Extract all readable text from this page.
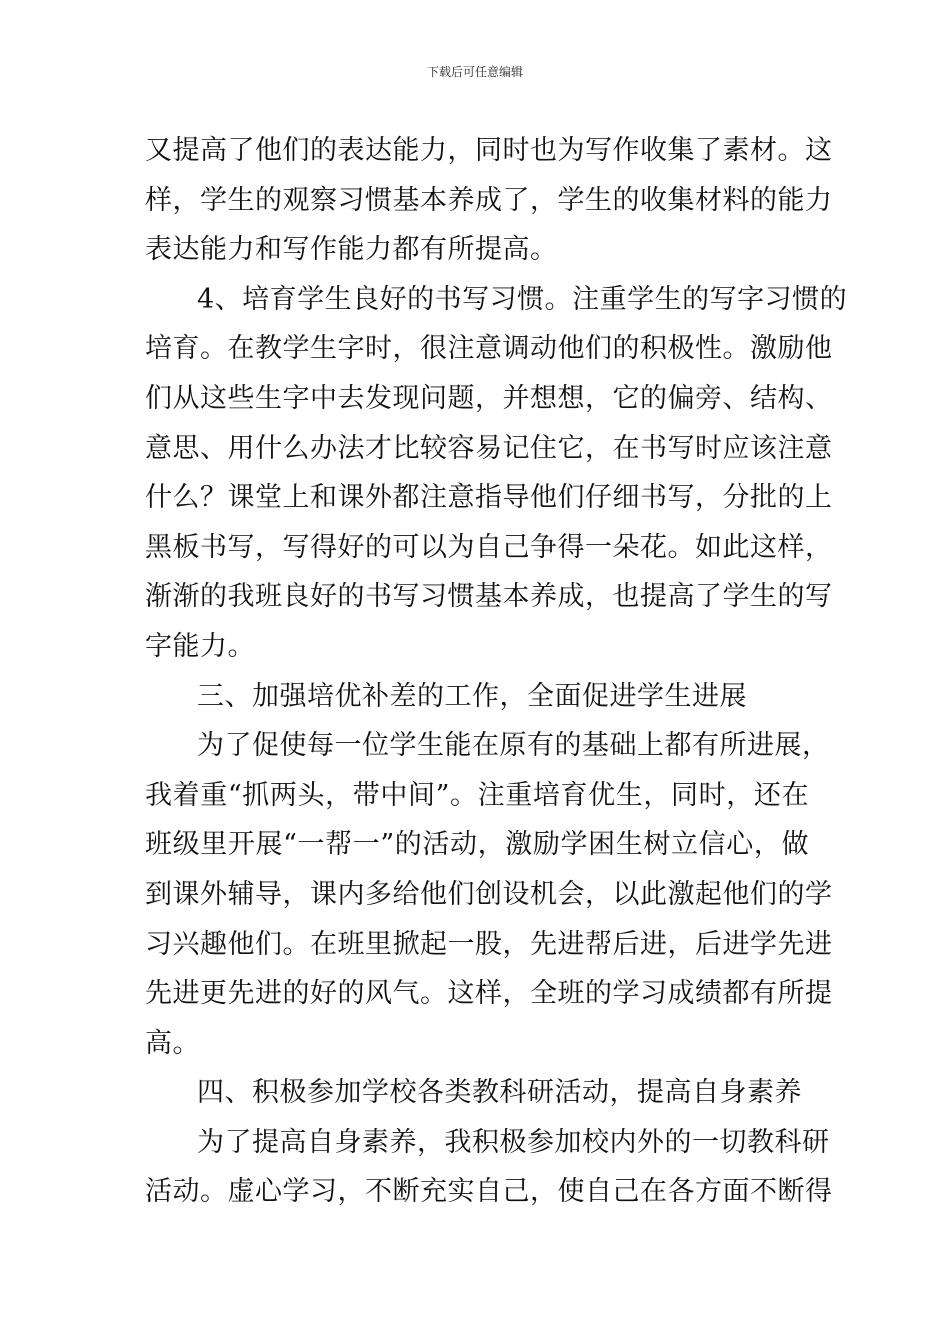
下载后可任意编辑
又提高了他们的表达能力，同时也为写作收集了素材。这
样，学生的观察习惯基本养成了，学生的收集材料的能力
表达能力和写作能力都有所提高。
4、培育学生良好的书写习惯。注重学生的写字习惯的
培育。在教学生字时，很注意调动他们的积极性。激励他
们从这些生字中去发现问题，并想想，它的偏旁、结构、
意思、用什么办法才比较容易记住它，在书写时应该注意
什么？课堂上和课外都注意指导他们仔细书写，分批的上
黑板书写，写得好的可以为自己争得一朵花。如此这样，
渐渐的我班良好的书写习惯基本养成，也提高了学生的写
字能力。
三、加强培优补差的工作，全面促进学生进展
为了促使每一位学生能在原有的基础上都有所进展，
我着重“抓两头，带中间”。注重培育优生，同时，还在
班级里开展“一帮一”的活动，激励学困生树立信心，做
到课外辅导，课内多给他们创设机会，以此激起他们的学
习兴趣他们。在班里掀起一股，先进帮后进，后进学先进
先进更先进的好的风气。这样，全班的学习成绩都有所提
高。
四、积极参加学校各类教科研活动，提高自身素养
为了提高自身素养，我积极参加校内外的一切教科研
活动。虚心学习，不断充实自己，使自己在各方面不断得
